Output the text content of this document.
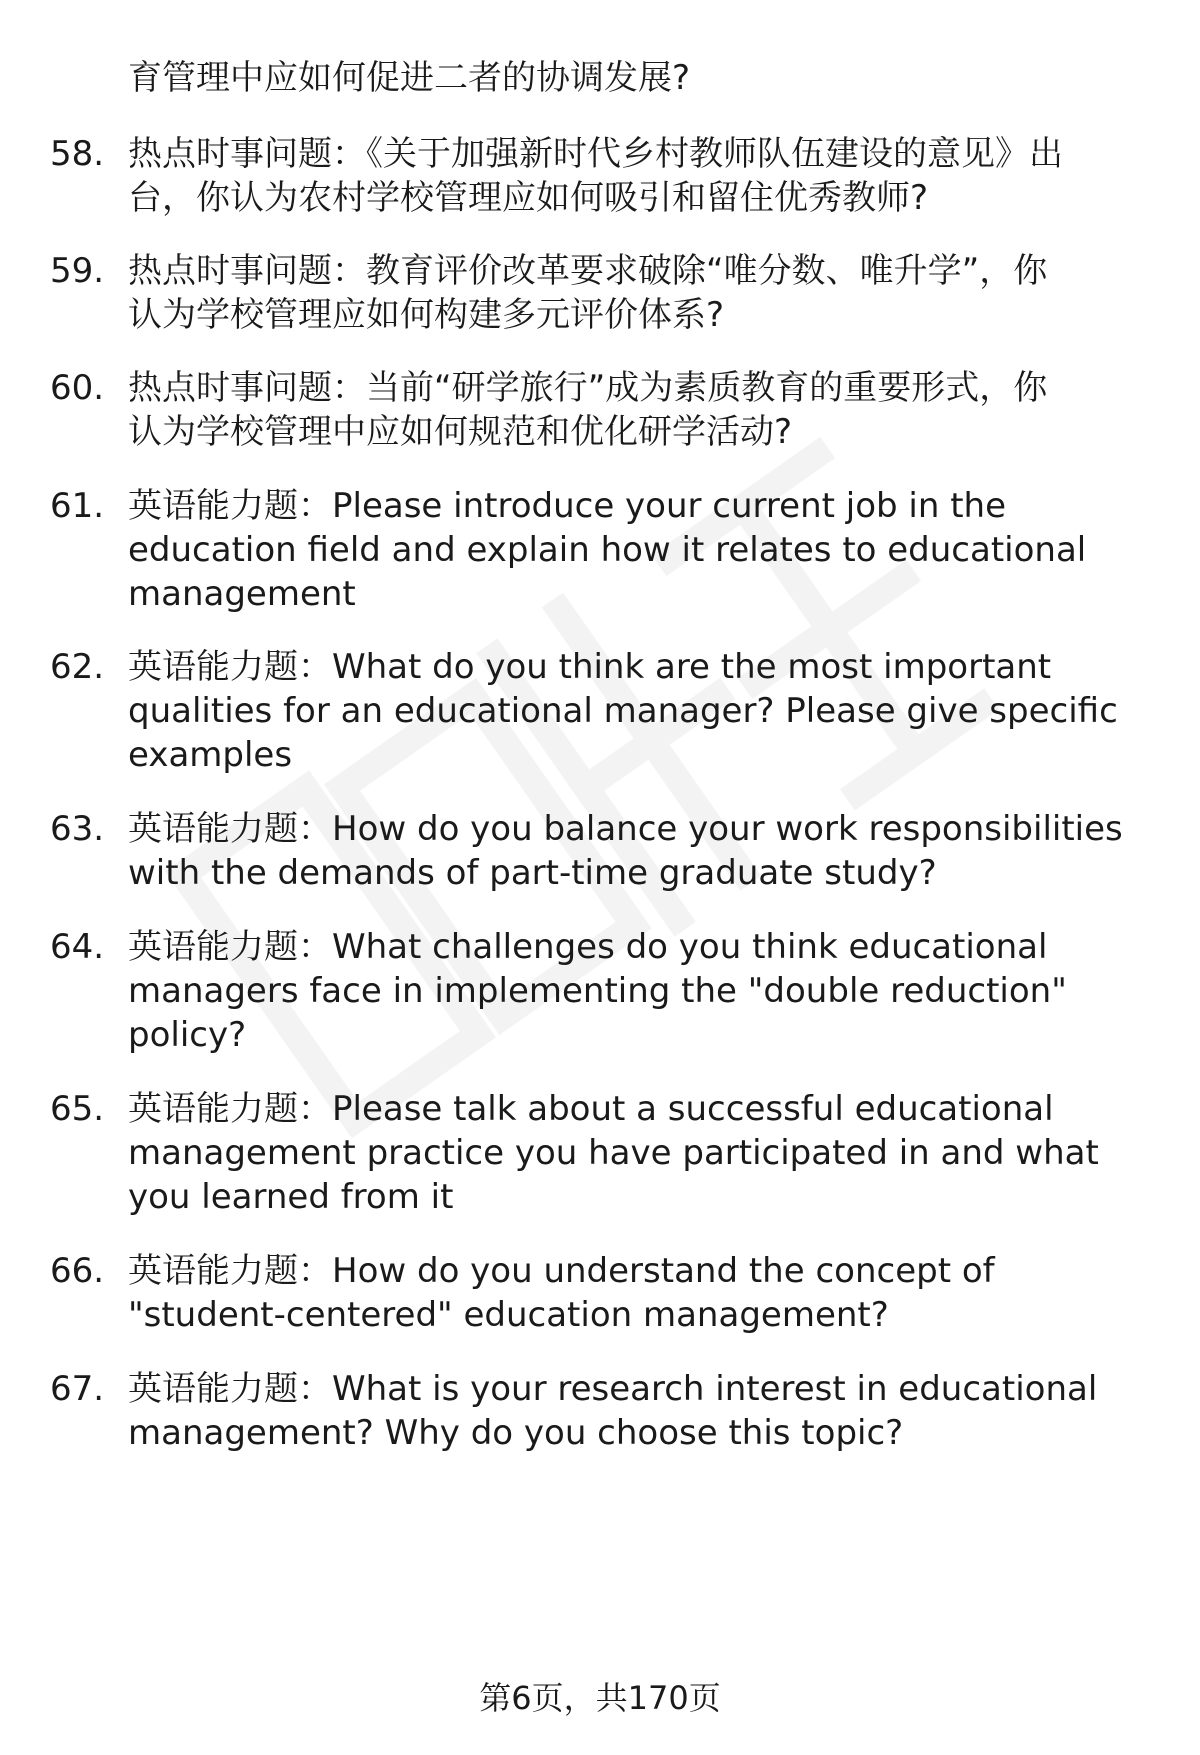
育管理中应如何促进二者的协调发展?
58. 热点时事问题：《关于加强新时代乡村教师队伍建设的意见》出
台，你认为农村学校管理应如何吸引和留住优秀教师?
59. 热点时事问题：教育评价改革要求破除“唯分数、唯升学”，你
认为学校管理应如何构建多元评价体系?
60. 热点时事问题：当前“研学旅行”成为素质教育的重要形式，你
认为学校管理中应如何规范和优化研学活动?
61. 英语能力题：Please introduce your current job in the
education field and explain how it relates to educational
management
62. 英语能力题：What do you think are the most important
qualities for an educational manager? Please give specific
examples
63. 英语能力题：How do you balance your work responsibilities
with the demands of part-time graduate study?
64. 英语能力题：What challenges do you think educational
managers face in implementing the "double reduction"
policy?
65. 英语能力题：Please talk about a successful educational
management practice you have participated in and what
you learned from it
66. 英语能力题：How do you understand the concept of
"student-centered" education management?
67. 英语能力题：What is your research interest in educational
management? Why do you choose this topic?
第6页，共170页
